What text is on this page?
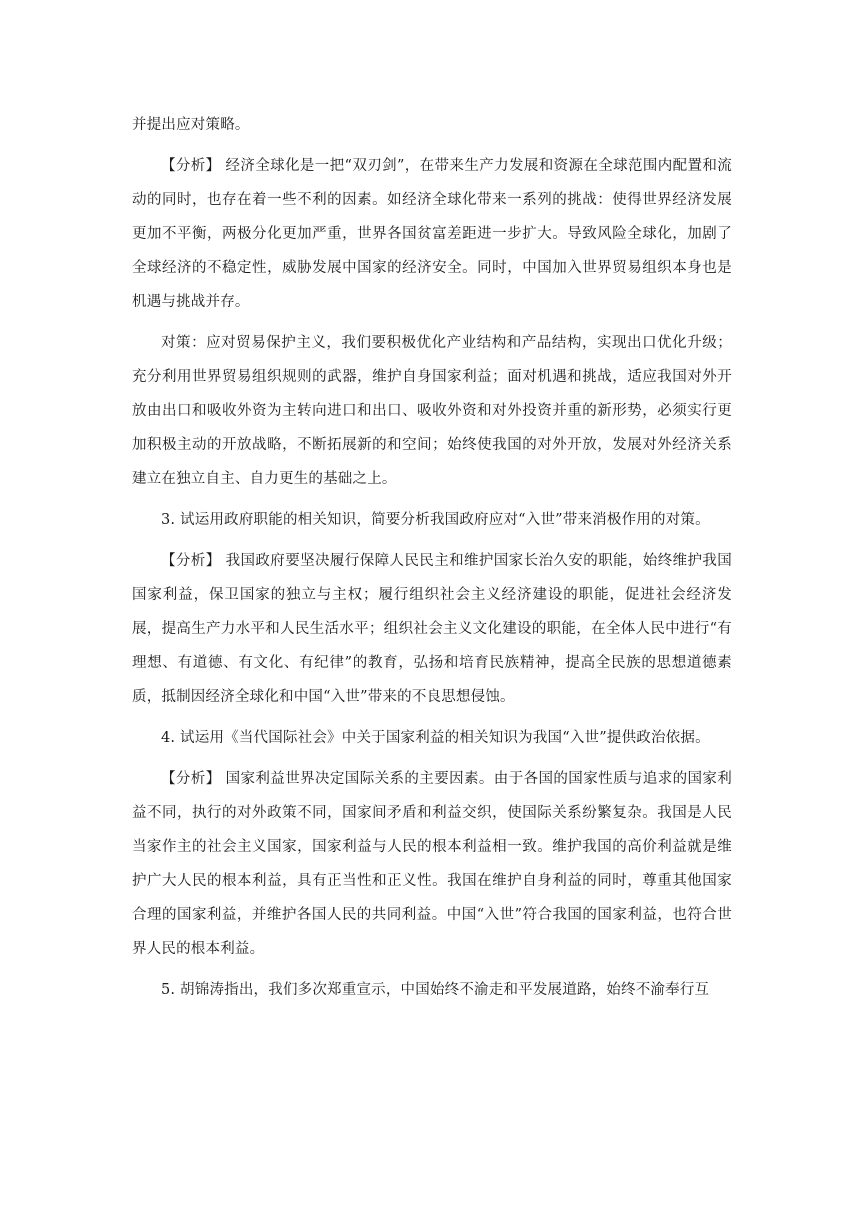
并提出应对策略。

【分析】 经济全球化是一把“双刃剑”，在带来生产力发展和资源在全球范围内配置和流动的同时，也存在着一些不利的因素。如经济全球化带来一系列的挑战：使得世界经济发展更加不平衡，两极分化更加严重，世界各国贫富差距进一步扩大。导致风险全球化，加剧了全球经济的不稳定性，威胁发展中国家的经济安全。同时，中国加入世界贸易组织本身也是机遇与挑战并存。

对策：应对贸易保护主义，我们要积极优化产业结构和产品结构，实现出口优化升级；充分利用世界贸易组织规则的武器，维护自身国家利益；面对机遇和挑战，适应我国对外开放由出口和吸收外资为主转向进口和出口、吸收外资和对外投资并重的新形势，必须实行更加积极主动的开放战略，不断拓展新的和空间；始终使我国的对外开放，发展对外经济关系建立在独立自主、自力更生的基础之上。

3. 试运用政府职能的相关知识，简要分析我国政府应对“入世”带来消极作用的对策。

【分析】 我国政府要坚决履行保障人民民主和维护国家长治久安的职能，始终维护我国国家利益，保卫国家的独立与主权；履行组织社会主义经济建设的职能，促进社会经济发展，提高生产力水平和人民生活水平；组织社会主义文化建设的职能，在全体人民中进行“有理想、有道德、有文化、有纪律”的教育，弘扬和培育民族精神，提高全民族的思想道德素质，抵制因经济全球化和中国“入世”带来的不良思想侵蚀。

4. 试运用《当代国际社会》中关于国家利益的相关知识为我国“入世”提供政治依据。

【分析】 国家利益世界决定国际关系的主要因素。由于各国的国家性质与追求的国家利益不同，执行的对外政策不同，国家间矛盾和利益交织，使国际关系纷繁复杂。我国是人民当家作主的社会主义国家，国家利益与人民的根本利益相一致。维护我国的高价利益就是维护广大人民的根本利益，具有正当性和正义性。我国在维护自身利益的同时，尊重其他国家合理的国家利益，并维护各国人民的共同利益。中国“入世”符合我国的国家利益，也符合世界人民的根本利益。

5. 胡锦涛指出，我们多次郑重宣示，中国始终不渝走和平发展道路，始终不渝奉行互
